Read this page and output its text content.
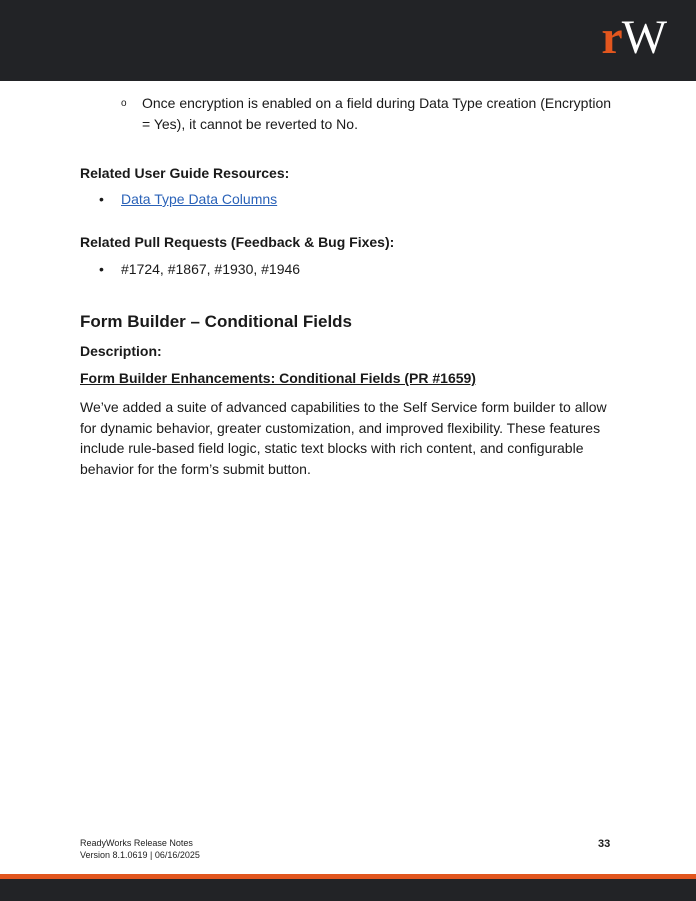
rW
o Once encryption is enabled on a field during Data Type creation (Encryption = Yes), it cannot be reverted to No.
Related User Guide Resources:
• Data Type Data Columns
Related Pull Requests (Feedback & Bug Fixes):
• #1724, #1867, #1930, #1946
Form Builder – Conditional Fields
Description:
Form Builder Enhancements: Conditional Fields (PR #1659)
We’ve added a suite of advanced capabilities to the Self Service form builder to allow for dynamic behavior, greater customization, and improved flexibility. These features include rule-based field logic, static text blocks with rich content, and configurable behavior for the form’s submit button.
ReadyWorks Release Notes
Version 8.1.0619 | 06/16/2025
33
